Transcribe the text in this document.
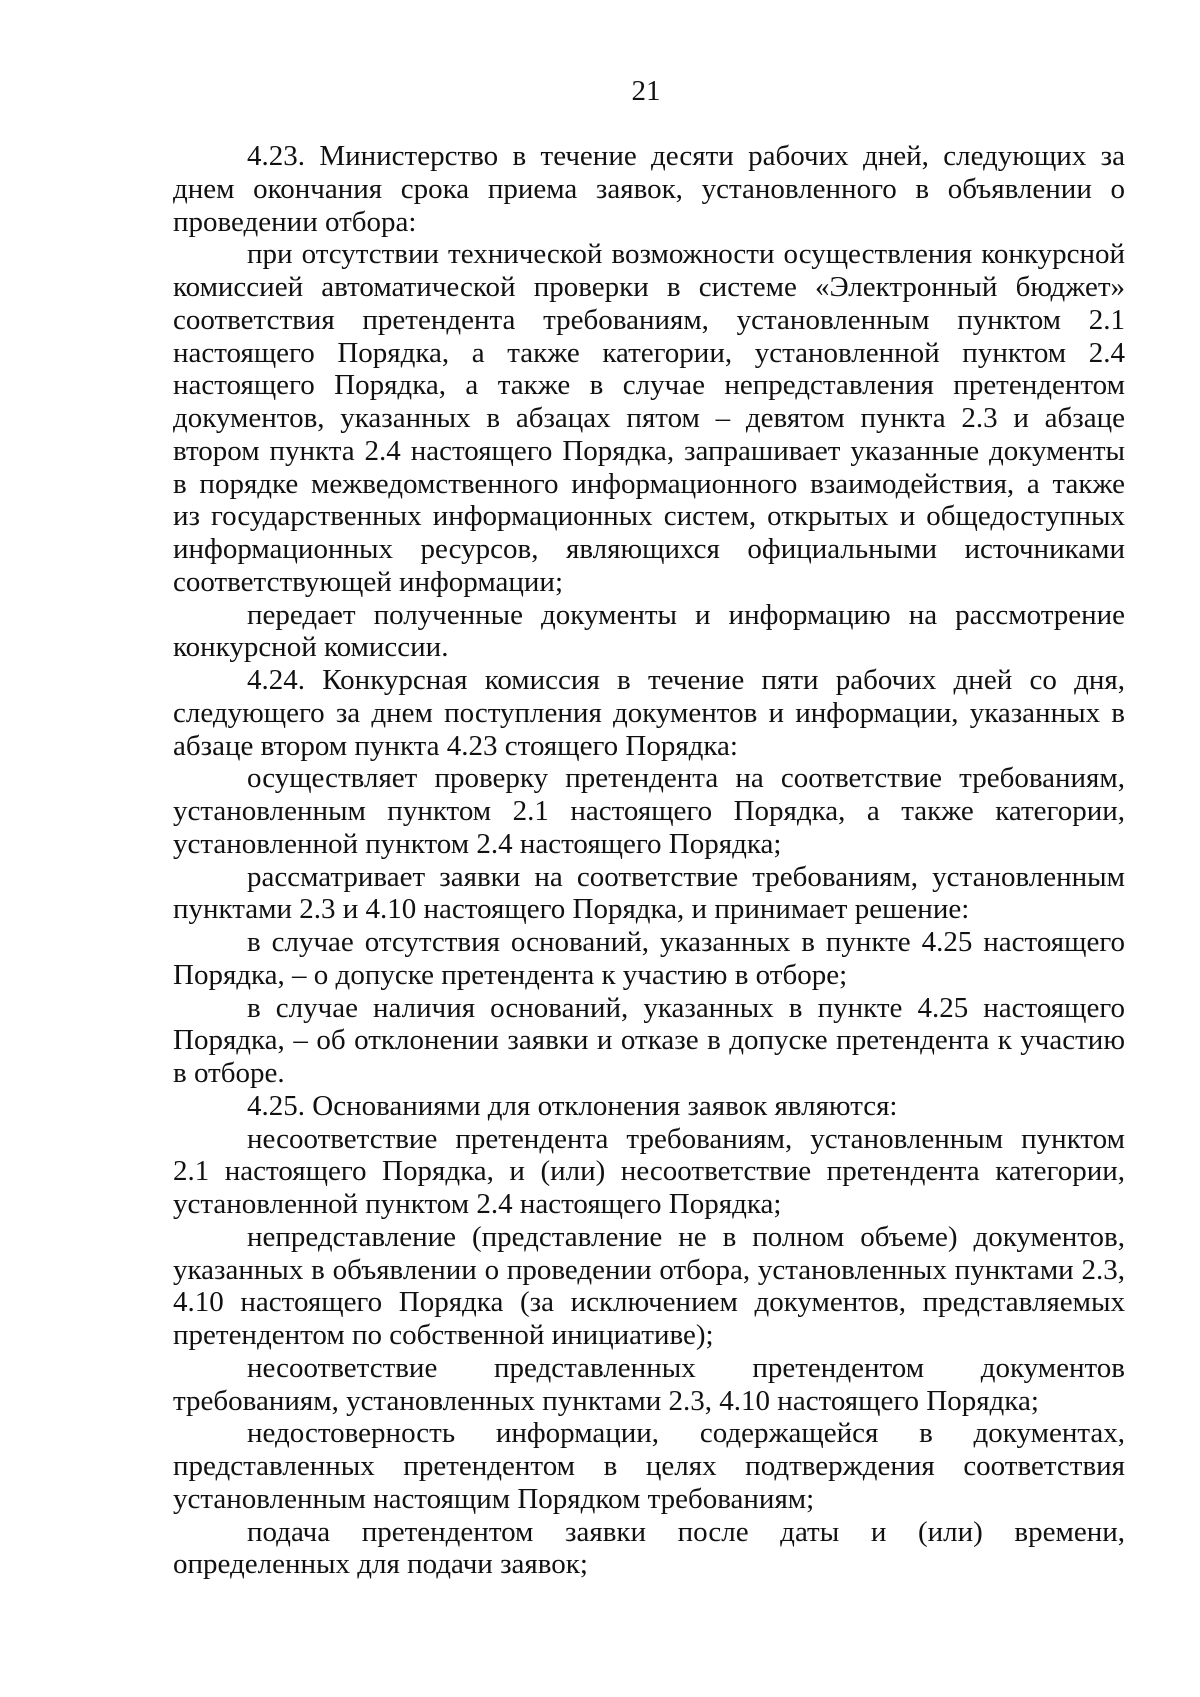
21

4.23. Министерство в течение десяти рабочих дней, следующих за днем окончания срока приема заявок, установленного в объявлении о проведении отбора:

при отсутствии технической возможности осуществления конкурсной комиссией автоматической проверки в системе «Электронный бюджет» соответствия претендента требованиям, установленным пунктом 2.1 настоящего Порядка, а также категории, установленной пунктом 2.4 настоящего Порядка, а также в случае непредставления претендентом документов, указанных в абзацах пятом – девятом пункта 2.3 и абзаце втором пункта 2.4 настоящего Порядка, запрашивает указанные документы в порядке межведомственного информационного взаимодействия, а также из государственных информационных систем, открытых и общедоступных информационных ресурсов, являющихся официальными источниками соответствующей информации;

передает полученные документы и информацию на рассмотрение конкурсной комиссии.

4.24. Конкурсная комиссия в течение пяти рабочих дней со дня, следующего за днем поступления документов и информации, указанных в абзаце втором пункта 4.23 стоящего Порядка:

осуществляет проверку претендента на соответствие требованиям, установленным пунктом 2.1 настоящего Порядка, а также категории, установленной пунктом 2.4 настоящего Порядка;

рассматривает заявки на соответствие требованиям, установленным пунктами 2.3 и 4.10 настоящего Порядка, и принимает решение:

в случае отсутствия оснований, указанных в пункте 4.25 настоящего Порядка, – о допуске претендента к участию в отборе;

в случае наличия оснований, указанных в пункте 4.25 настоящего Порядка, – об отклонении заявки и отказе в допуске претендента к участию в отборе.

4.25. Основаниями для отклонения заявок являются:

несоответствие претендента требованиям, установленным пунктом 2.1 настоящего Порядка, и (или) несоответствие претендента категории, установленной пунктом 2.4 настоящего Порядка;

непредставление (представление не в полном объеме) документов, указанных в объявлении о проведении отбора, установленных пунктами 2.3, 4.10 настоящего Порядка (за исключением документов, представляемых претендентом по собственной инициативе);

несоответствие представленных претендентом документов требованиям, установленных пунктами 2.3, 4.10 настоящего Порядка;

недостоверность информации, содержащейся в документах, представленных претендентом в целях подтверждения соответствия установленным настоящим Порядком требованиям;

подача претендентом заявки после даты и (или) времени, определенных для подачи заявок;
